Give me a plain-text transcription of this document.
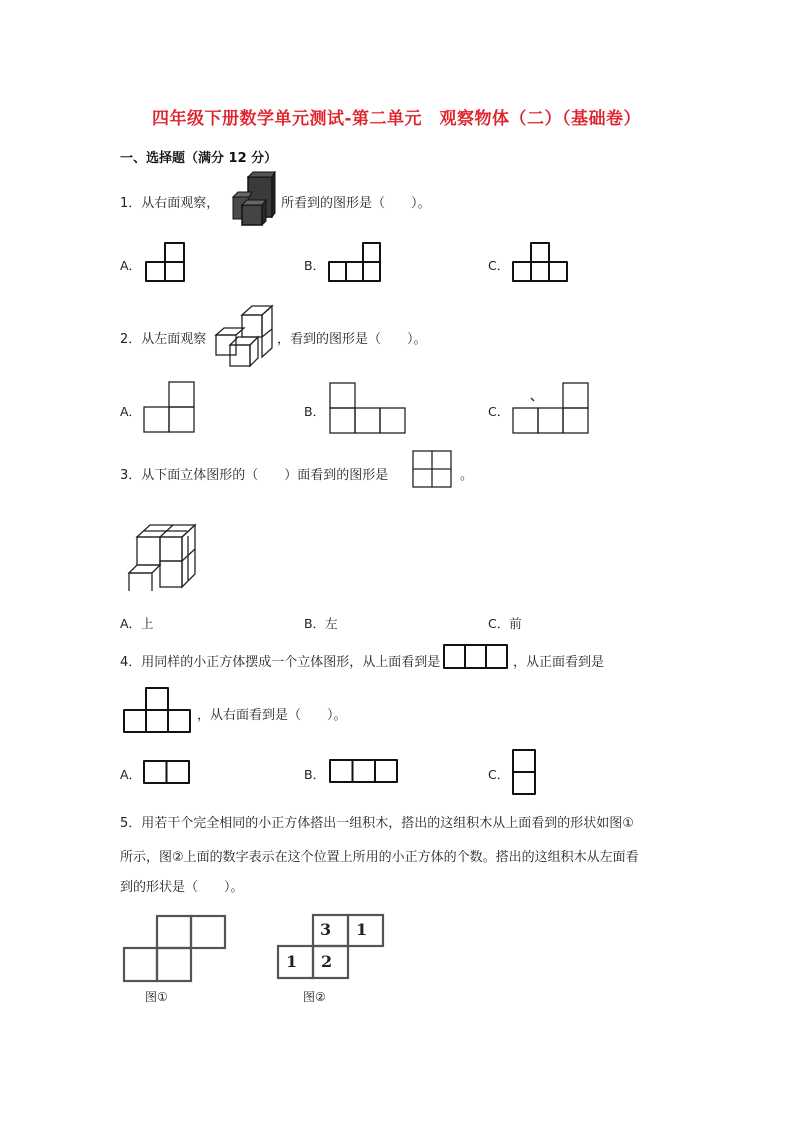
四年级下册数学单元测试-第二单元　观察物体（二）（基础卷）
一、选择题（满分 12 分）
1．从右面观察，	所看到的图形是（　　）。
A．	B．	C．
2．从左面观察	，看到的图形是（　　）。
A．	B．	C．
3．从下面立体图形的（　　）面看到的图形是	。
A．上	B．左	C．前
4．用同样的小正方体摆成一个立体图形，从上面看到是	，从正面看到是
，从右面看到是（　　）。
A．	B．	C．
5．用若干个完全相同的小正方体搭出一组积木，搭出的这组积木从上面看到的形状如图①
所示，图②上面的数字表示在这个位置上所用的小正方体的个数。搭出的这组积木从左面看
到的形状是（　　）。
图①
3 1
1 2
图②
